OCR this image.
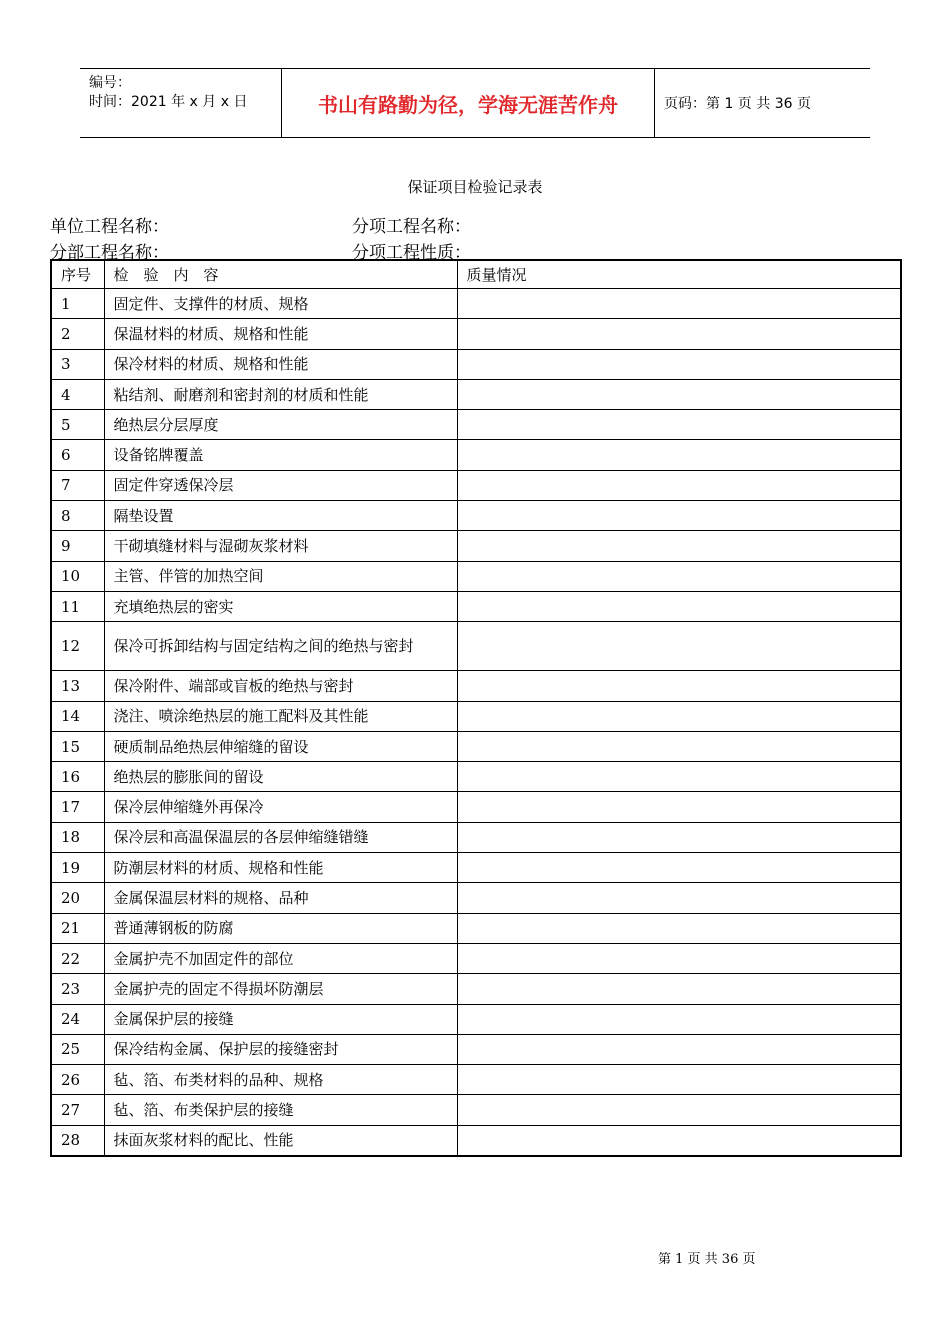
编号：
时间：2021 年 x 月 x 日	书山有路勤为径，学海无涯苦作舟	页码：第 1 页 共 36 页
保证项目检验记录表
单位工程名称：	分项工程名称：
分部工程名称：	分项工程性质：
序号	检　验　内　容	质量情况
1	固定件、支撑件的材质、规格	
2	保温材料的材质、规格和性能	
3	保冷材料的材质、规格和性能	
4	粘结剂、耐磨剂和密封剂的材质和性能	
5	绝热层分层厚度	
6	设备铭牌覆盖	
7	固定件穿透保冷层	
8	隔垫设置	
9	干砌填缝材料与湿砌灰浆材料	
10	主管、伴管的加热空间	
11	充填绝热层的密实	
12	保冷可拆卸结构与固定结构之间的绝热与密封	
13	保冷附件、端部或盲板的绝热与密封	
14	浇注、喷涂绝热层的施工配料及其性能	
15	硬质制品绝热层伸缩缝的留设	
16	绝热层的膨胀间的留设	
17	保冷层伸缩缝外再保冷	
18	保冷层和高温保温层的各层伸缩缝错缝	
19	防潮层材料的材质、规格和性能	
20	金属保温层材料的规格、品种	
21	普通薄钢板的防腐	
22	金属护壳不加固定件的部位	
23	金属护壳的固定不得损坏防潮层	
24	金属保护层的接缝	
25	保冷结构金属、保护层的接缝密封	
26	毡、箔、布类材料的品种、规格	
27	毡、箔、布类保护层的接缝	
28	抹面灰浆材料的配比、性能	
第 1 页 共 36 页
